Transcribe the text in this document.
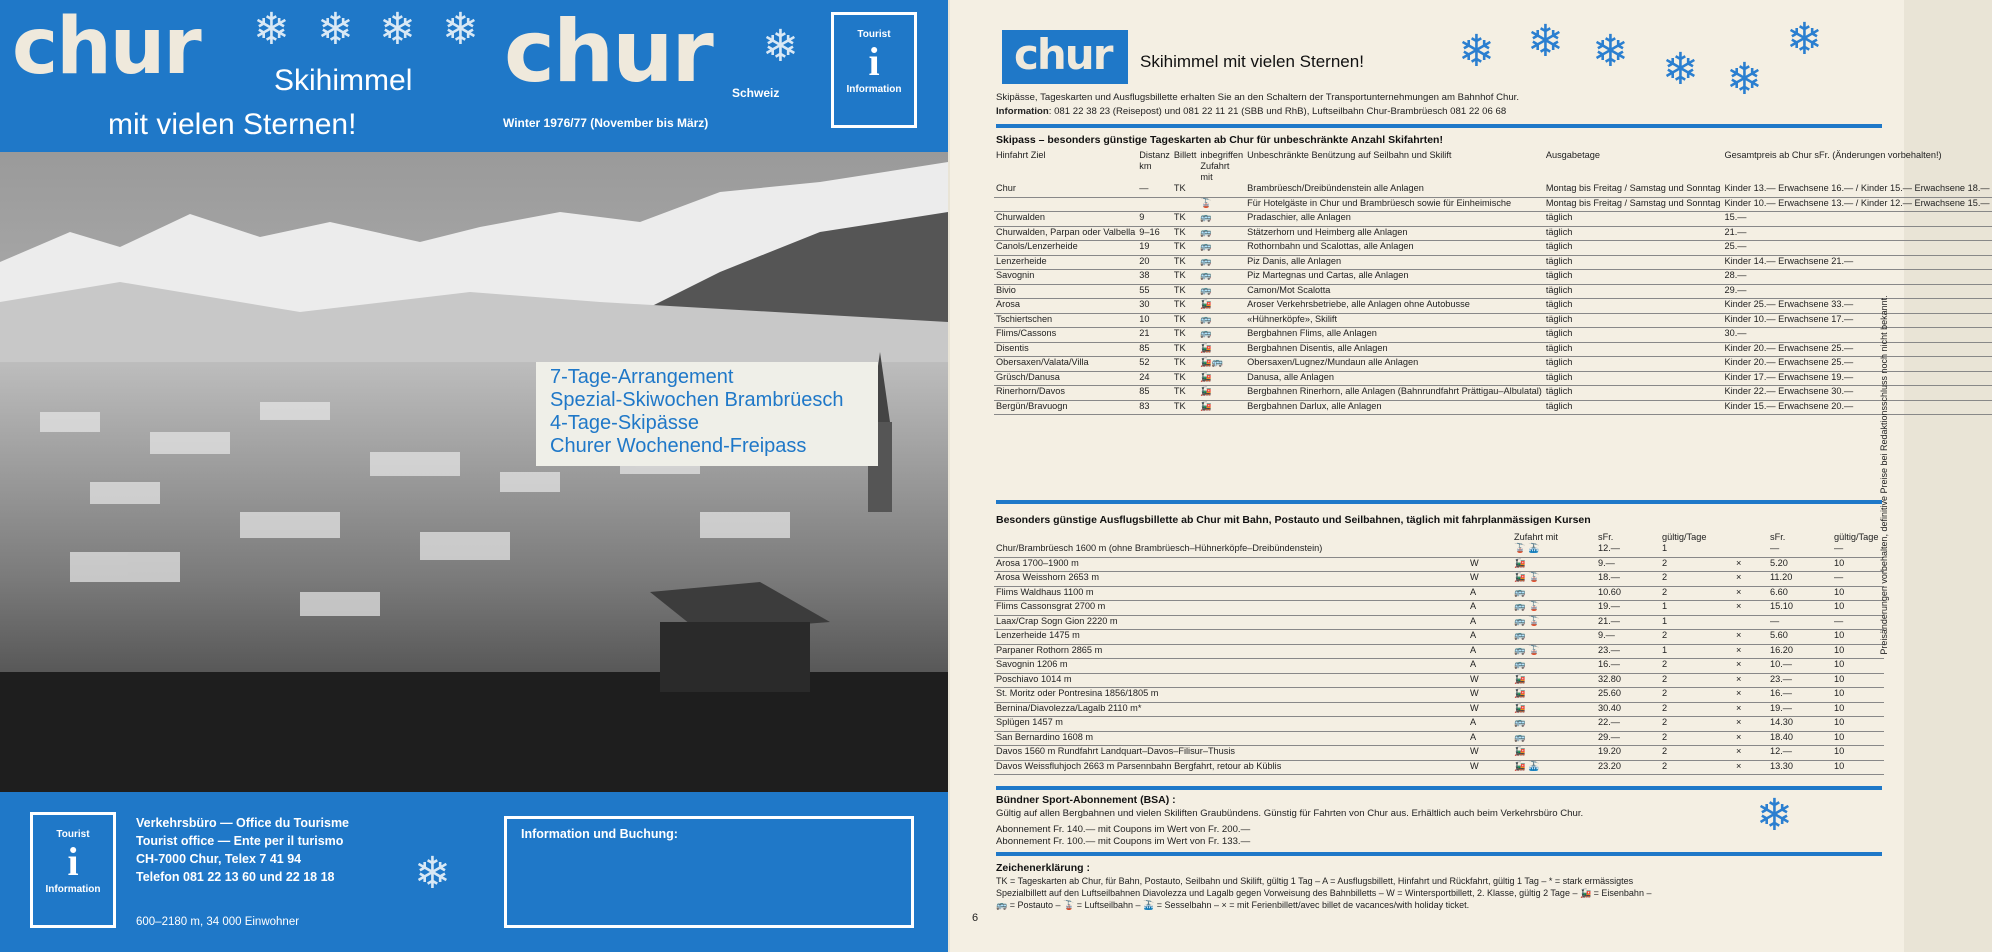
chur Skihimmel
mit vielen Sternen!
chur Schweiz
Winter 1976/77 (November bis März)
❄ ❄ ❄ ❄	❄	Tourist
i
Information
7-Tage-Arrangement
Spezial-Skiwochen Brambrüesch
4-Tage-Skipässe
Churer Wochenend-Freipass
Tourist
i
Information
Verkehrsbüro — Office du Tourisme
Tourist office — Ente per il turismo
CH-7000 Chur, Telex 7 41 94
Telefon 081 22 13 60 und 22 18 18	❄
600–2180 m, 34 000 Einwohner
Information und Buchung:
chur Skihimmel mit vielen Sternen! ❄ ❄ ❄ ❄ ❄
❄
Skipässe, Tageskarten und Ausflugsbillette erhalten Sie an den Schaltern der Transportunternehmungen am Bahnhof Chur.
Information: 081 22 38 23 (Reisepost) und 081 22 11 21 (SBB und RhB), Luftseilbahn Chur-Brambrüesch 081 22 06 68
Skipass – besonders günstige Tageskarten ab Chur für unbeschränkte Anzahl Skifahrten!
Hinfahrt Ziel	Distanz km	Billett	inbegriffen Zufahrt mit	Unbeschränkte Benützung auf Seilbahn und Skilift	Ausgabetage	Gesamtpreis ab Chur sFr. (Änderungen vorbehalten!)
Chur	—	TK		Brambrüesch/Dreibündenstein alle Anlagen	Montag bis Freitag / Samstag und Sonntag	Kinder 13.— Erwachsene 16.— / Kinder 15.— Erwachsene 18.—
			🚡	Für Hotelgäste in Chur und Brambrüesch sowie für Einheimische	Montag bis Freitag / Samstag und Sonntag	Kinder 10.— Erwachsene 13.— / Kinder 12.— Erwachsene 15.—
Churwalden	9	TK	🚌	Pradaschier, alle Anlagen	täglich	15.—
Churwalden, Parpan oder Valbella	9–16	TK	🚌	Stätzerhorn und Heimberg alle Anlagen	täglich	21.—
Canols/Lenzerheide	19	TK	🚌	Rothornbahn und Scalottas, alle Anlagen	täglich	25.—
Lenzerheide	20	TK	🚌	Piz Danis, alle Anlagen	täglich	Kinder 14.— Erwachsene 21.—
Savognin	38	TK	🚌	Piz Martegnas und Cartas, alle Anlagen	täglich	28.—
Bivio	55	TK	🚌	Camon/Mot Scalotta	täglich	29.—
Arosa	30	TK	🚂	Aroser Verkehrsbetriebe, alle Anlagen ohne Autobusse	täglich	Kinder 25.— Erwachsene 33.—
Tschiertschen	10	TK	🚌	«Hühnerköpfe», Skilift	täglich	Kinder 10.— Erwachsene 17.—
Flims/Cassons	21	TK	🚌	Bergbahnen Flims, alle Anlagen	täglich	30.—
Disentis	85	TK	🚂	Bergbahnen Disentis, alle Anlagen	täglich	Kinder 20.— Erwachsene 25.—
Obersaxen/Valata/Villa	52	TK	🚂🚌	Obersaxen/Lugnez/Mundaun alle Anlagen	täglich	Kinder 20.— Erwachsene 25.—
Grüsch/Danusa	24	TK	🚂	Danusa, alle Anlagen	täglich	Kinder 17.— Erwachsene 19.—
Rinerhorn/Davos	85	TK	🚂	Bergbahnen Rinerhorn, alle Anlagen (Bahnrundfahrt Prättigau–Albulatal)	täglich	Kinder 22.— Erwachsene 30.—
Bergün/Bravuogn	83	TK	🚂	Bergbahnen Darlux, alle Anlagen	täglich	Kinder 15.— Erwachsene 20.—
Besonders günstige Ausflugsbillette ab Chur mit Bahn, Postauto und Seilbahnen, täglich mit fahrplanmässigen Kursen
		Zufahrt mit	sFr.	gültig/Tage		sFr.	gültig/Tage
Chur/Brambrüesch 1600 m (ohne Brambrüesch–Hühnerköpfe–Dreibündenstein)		🚡 🚠	12.—	1		—	—
Arosa 1700–1900 m	W	🚂	9.—	2	×	5.20	10
Arosa Weisshorn 2653 m	W	🚂 🚡	18.—	2	×	11.20	—
Flims Waldhaus 1100 m	A	🚌	10.60	2	×	6.60	10
Flims Cassonsgrat 2700 m	A	🚌 🚡	19.—	1	×	15.10	10
Laax/Crap Sogn Gion 2220 m	A	🚌 🚡	21.—	1		—	—
Lenzerheide 1475 m	A	🚌	9.—	2	×	5.60	10
Parpaner Rothorn 2865 m	A	🚌 🚡	23.—	1	×	16.20	10
Savognin 1206 m	A	🚌	16.—	2	×	10.—	10
Poschiavo 1014 m	W	🚂	32.80	2	×	23.—	10
St. Moritz oder Pontresina 1856/1805 m	W	🚂	25.60	2	×	16.—	10
Bernina/Diavolezza/Lagalb 2110 m*	W	🚂	30.40	2	×	19.—	10
Splügen 1457 m	A	🚌	22.—	2	×	14.30	10
San Bernardino 1608 m	A	🚌	29.—	2	×	18.40	10
Davos 1560 m Rundfahrt Landquart–Davos–Filisur–Thusis	W	🚂	19.20	2	×	12.—	10
Davos Weissfluhjoch 2663 m Parsennbahn Bergfahrt, retour ab Küblis	W	🚂 🚠	23.20	2	×	13.30	10
Bündner Sport-Abonnement (BSA) :
Gültig auf allen Bergbahnen und vielen Skiliften Graubündens. Günstig für Fahrten von Chur aus. Erhältlich auch beim Verkehrsbüro Chur.
Abonnement Fr. 140.— mit Coupons im Wert von Fr. 200.—
Abonnement Fr. 100.— mit Coupons im Wert von Fr. 133.—
❄
Zeichenerklärung :
TK = Tageskarten ab Chur, für Bahn, Postauto, Seilbahn und Skilift, gültig 1 Tag – A = Ausflugsbillett, Hinfahrt und Rückfahrt, gültig 1 Tag – * = stark ermässigtes
Spezialbillett auf den Luftseilbahnen Diavolezza und Lagalb gegen Vorweisung des Bahnbilletts – W = Wintersportbillett, 2. Klasse, gültig 2 Tage – 🚂 = Eisenbahn –
🚌 = Postauto – 🚡 = Luftseilbahn – 🚠 = Sesselbahn – × = mit Ferienbillett/avec billet de vacances/with holiday ticket.
6
Preisänderungen vorbehalten, definitive Preise bei Redaktionsschluss noch nicht bekannt.
